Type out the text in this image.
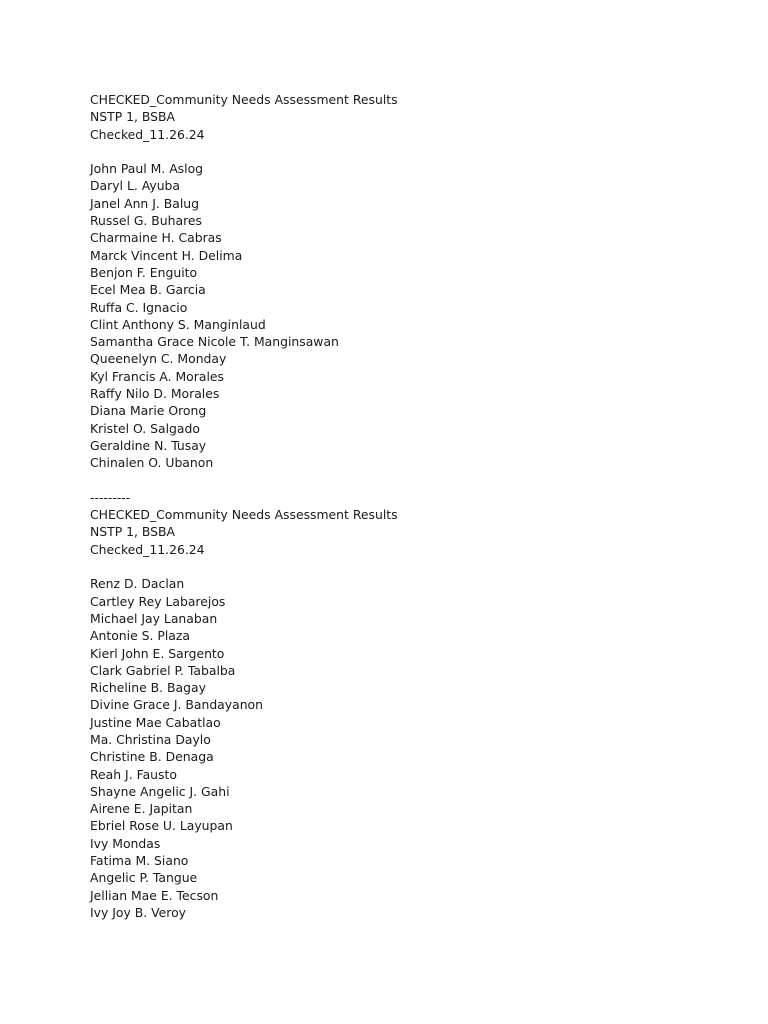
CHECKED_Community Needs Assessment Results
NSTP 1, BSBA
Checked_11.26.24
John Paul M. Aslog
Daryl L. Ayuba
Janel Ann J. Balug
Russel G. Buhares
Charmaine H. Cabras
Marck Vincent H. Delima
Benjon F. Enguito
Ecel Mea B. Garcia
Ruffa C. Ignacio
Clint Anthony S. Manginlaud
Samantha Grace Nicole T. Manginsawan
Queenelyn C. Monday
Kyl Francis A. Morales
Raffy Nilo D. Morales
Diana Marie Orong
Kristel O. Salgado
Geraldine N. Tusay
Chinalen O. Ubanon
---------
CHECKED_Community Needs Assessment Results
NSTP 1, BSBA
Checked_11.26.24
Renz D. Daclan
Cartley Rey Labarejos
Michael Jay Lanaban
Antonie S. Plaza
Kierl John E. Sargento
Clark Gabriel P. Tabalba
Richeline B. Bagay
Divine Grace J. Bandayanon
Justine Mae Cabatlao
Ma. Christina Daylo
Christine B. Denaga
Reah J. Fausto
Shayne Angelic J. Gahi
Airene E. Japitan
Ebriel Rose U. Layupan
Ivy Mondas
Fatima M. Siano
Angelic P. Tangue
Jellian Mae E. Tecson
Ivy Joy B. Veroy
